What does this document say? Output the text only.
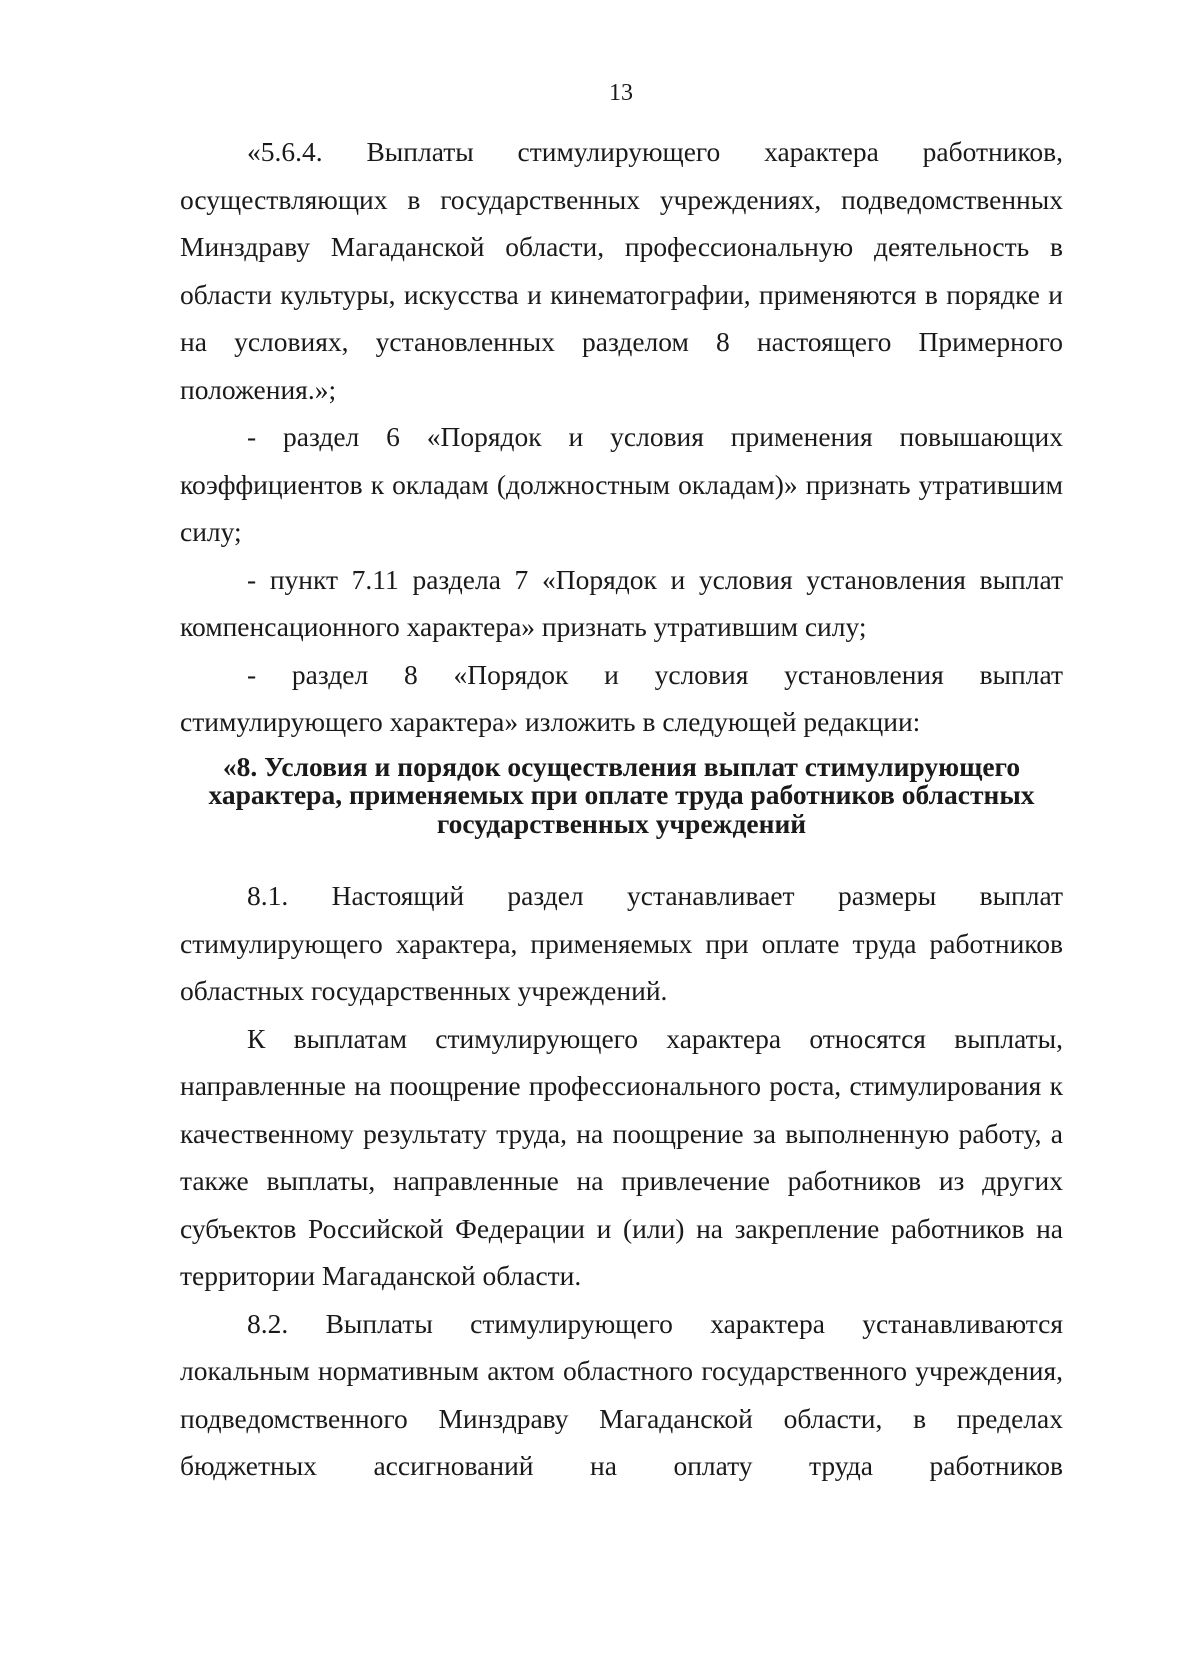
13

«5.6.4. Выплаты стимулирующего характера работников, осуществляющих в государственных учреждениях, подведомственных Минздраву Магаданской области, профессиональную деятельность в области культуры, искусства и кинематографии, применяются в порядке и на условиях, установленных разделом 8 настоящего Примерного положения.»;

- раздел 6 «Порядок и условия применения повышающих коэффициентов к окладам (должностным окладам)» признать утратившим силу;

- пункт 7.11 раздела 7 «Порядок и условия установления выплат компенсационного характера» признать утратившим силу;

- раздел 8 «Порядок и условия установления выплат стимулирующего характера» изложить в следующей редакции:

«8. Условия и порядок осуществления выплат стимулирующего
характера, применяемых при оплате труда работников областных
государственных учреждений

8.1. Настоящий раздел устанавливает размеры выплат стимулирующего характера, применяемых при оплате труда работников областных государственных учреждений.

К выплатам стимулирующего характера относятся выплаты, направленные на поощрение профессионального роста, стимулирования к качественному результату труда, на поощрение за выполненную работу, а также выплаты, направленные на привлечение работников из других субъектов Российской Федерации и (или) на закрепление работников на территории Магаданской области.

8.2. Выплаты стимулирующего характера устанавливаются локальным нормативным актом областного государственного учреждения, подведомственного Минздраву Магаданской области, в пределах бюджетных ассигнований на оплату труда работников
